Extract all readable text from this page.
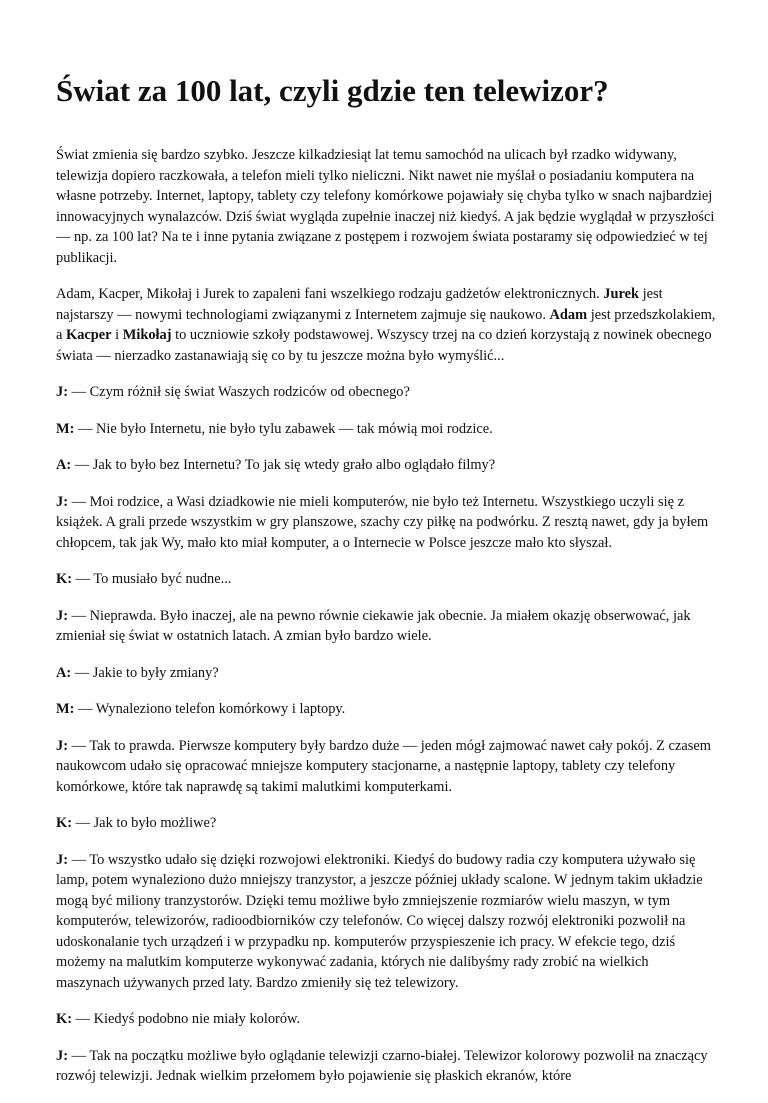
Świat za 100 lat, czyli gdzie ten telewizor?

Świat zmienia się bardzo szybko. Jeszcze kilkadziesiąt lat temu samochód na ulicach był rzadko widywany, telewizja dopiero raczkowała, a telefon mieli tylko nieliczni. Nikt nawet nie myślał o posiadaniu komputera na własne potrzeby. Internet, laptopy, tablety czy telefony komórkowe pojawiały się chyba tylko w snach najbardziej innowacyjnych wynalazców. Dziś świat wygląda zupełnie inaczej niż kiedyś. A jak będzie wyglądał w przyszłości — np. za 100 lat? Na te i inne pytania związane z postępem i rozwojem świata postaramy się odpowiedzieć w tej publikacji.

Adam, Kacper, Mikołaj i Jurek to zapaleni fani wszelkiego rodzaju gadżetów elektronicznych. Jurek jest najstarszy — nowymi technologiami związanymi z Internetem zajmuje się naukowo. Adam jest przedszkolakiem, a Kacper i Mikołaj to uczniowie szkoły podstawowej. Wszyscy trzej na co dzień korzystają z nowinek obecnego świata — nierzadko zastanawiają się co by tu jeszcze można było wymyślić...

J: — Czym różnił się świat Waszych rodziców od obecnego?

M: — Nie było Internetu, nie było tylu zabawek — tak mówią moi rodzice.

A: — Jak to było bez Internetu? To jak się wtedy grało albo oglądało filmy?

J: — Moi rodzice, a Wasi dziadkowie nie mieli komputerów, nie było też Internetu. Wszystkiego uczyli się z książek. A grali przede wszystkim w gry planszowe, szachy czy piłkę na podwórku. Z resztą nawet, gdy ja byłem chłopcem, tak jak Wy, mało kto miał komputer, a o Internecie w Polsce jeszcze mało kto słyszał.

K: — To musiało być nudne...

J: — Nieprawda. Było inaczej, ale na pewno równie ciekawie jak obecnie. Ja miałem okazję obserwować, jak zmieniał się świat w ostatnich latach. A zmian było bardzo wiele.

A: — Jakie to były zmiany?

M: — Wynaleziono telefon komórkowy i laptopy.

J: — Tak to prawda. Pierwsze komputery były bardzo duże — jeden mógł zajmować nawet cały pokój. Z czasem naukowcom udało się opracować mniejsze komputery stacjonarne, a następnie laptopy, tablety czy telefony komórkowe, które tak naprawdę są takimi malutkimi komputerkami.

K: — Jak to było możliwe?

J: — To wszystko udało się dzięki rozwojowi elektroniki. Kiedyś do budowy radia czy komputera używało się lamp, potem wynaleziono dużo mniejszy tranzystor, a jeszcze później układy scalone. W jednym takim układzie mogą być miliony tranzystorów. Dzięki temu możliwe było zmniejszenie rozmiarów wielu maszyn, w tym komputerów, telewizorów, radioodbiorników czy telefonów. Co więcej dalszy rozwój elektroniki pozwolił na udoskonalanie tych urządzeń i w przypadku np. komputerów przyspieszenie ich pracy. W efekcie tego, dziś możemy na malutkim komputerze wykonywać zadania, których nie dalibyśmy rady zrobić na wielkich maszynach używanych przed laty. Bardzo zmieniły się też telewizory.

K: — Kiedyś podobno nie miały kolorów.

J: — Tak na początku możliwe było oglądanie telewizji czarno-białej. Telewizor kolorowy pozwolił na znaczący rozwój telewizji. Jednak wielkim przełomem było pojawienie się płaskich ekranów, które
